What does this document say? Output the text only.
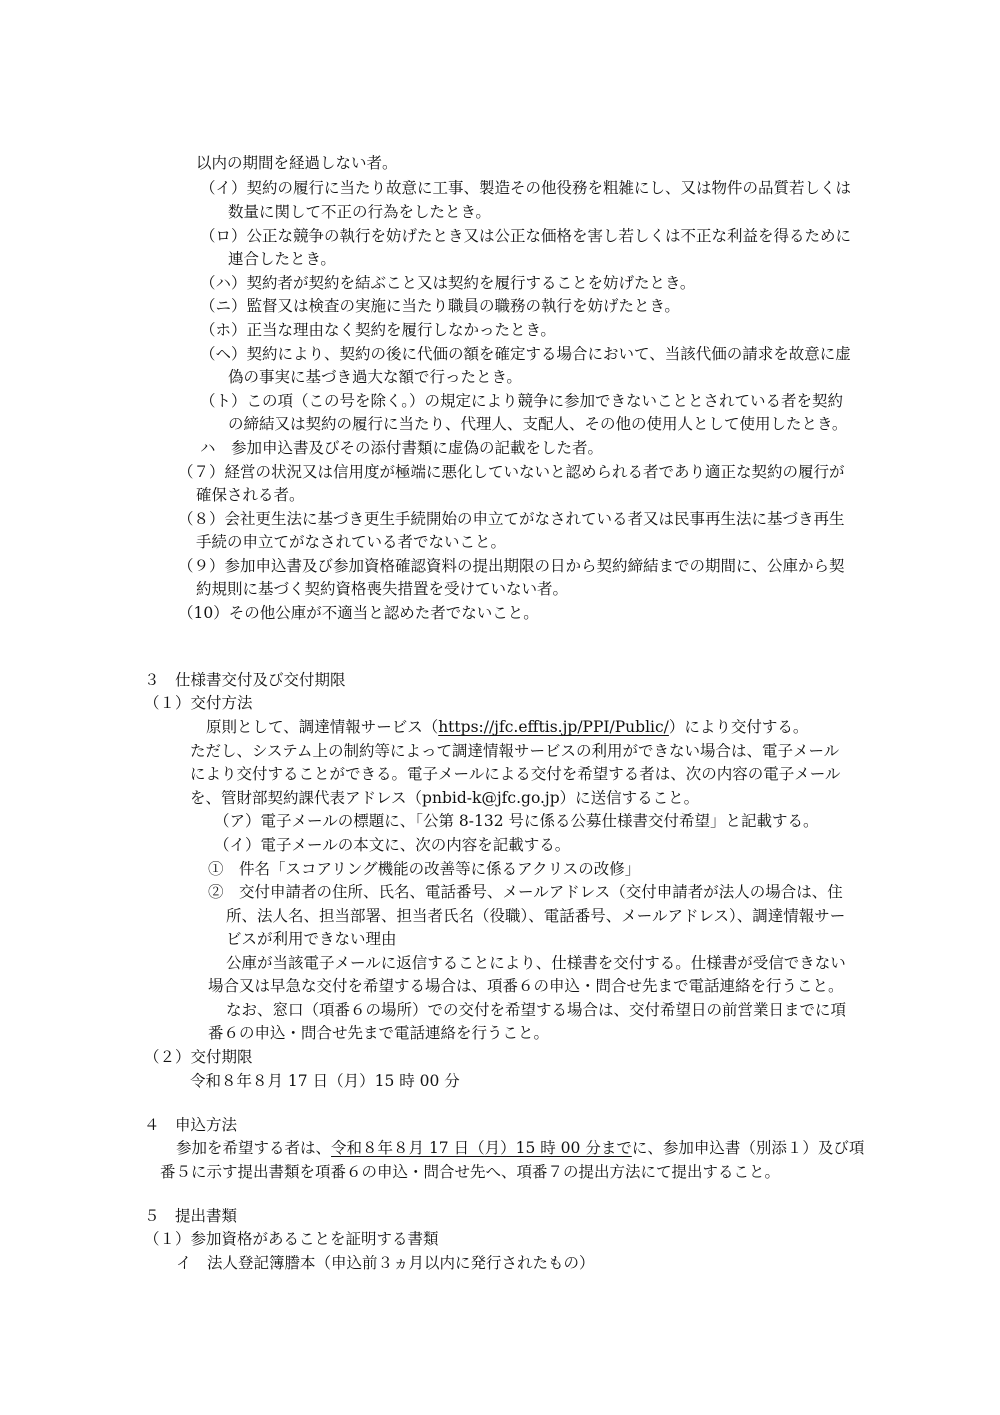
以内の期間を経過しない者。
（イ）契約の履行に当たり故意に工事、製造その他役務を粗雑にし、又は物件の品質若しくは
数量に関して不正の行為をしたとき。
（ロ）公正な競争の執行を妨げたとき又は公正な価格を害し若しくは不正な利益を得るために
連合したとき。
（ハ）契約者が契約を結ぶこと又は契約を履行することを妨げたとき。
（ニ）監督又は検査の実施に当たり職員の職務の執行を妨げたとき。
（ホ）正当な理由なく契約を履行しなかったとき。
（ヘ）契約により、契約の後に代価の額を確定する場合において、当該代価の請求を故意に虚
偽の事実に基づき過大な額で行ったとき。
（ト）この項（この号を除く。）の規定により競争に参加できないこととされている者を契約
の締結又は契約の履行に当たり、代理人、支配人、その他の使用人として使用したとき。
ハ　参加申込書及びその添付書類に虚偽の記載をした者。
（７）経営の状況又は信用度が極端に悪化していないと認められる者であり適正な契約の履行が
確保される者。
（８）会社更生法に基づき更生手続開始の申立てがなされている者又は民事再生法に基づき再生
手続の申立てがなされている者でないこと。
（９）参加申込書及び参加資格確認資料の提出期限の日から契約締結までの期間に、公庫から契
約規則に基づく契約資格喪失措置を受けていない者。
（10）その他公庫が不適当と認めた者でないこと。
３　仕様書交付及び交付期限
（１）交付方法
原則として、調達情報サービス（https://jfc.efftis.jp/PPI/Public/）により交付する。
ただし、システム上の制約等によって調達情報サービスの利用ができない場合は、電子メール
により交付することができる。電子メールによる交付を希望する者は、次の内容の電子メール
を、管財部契約課代表アドレス（pnbid-k@jfc.go.jp）に送信すること。
（ア）電子メールの標題に、「公第 8-132 号に係る公募仕様書交付希望」と記載する。
（イ）電子メールの本文に、次の内容を記載する。
①　件名「スコアリング機能の改善等に係るアクリスの改修」
②　交付申請者の住所、氏名、電話番号、メールアドレス（交付申請者が法人の場合は、住
所、法人名、担当部署、担当者氏名（役職）、電話番号、メールアドレス）、調達情報サー
ビスが利用できない理由
公庫が当該電子メールに返信することにより、仕様書を交付する。仕様書が受信できない
場合又は早急な交付を希望する場合は、項番６の申込・問合せ先まで電話連絡を行うこと。
なお、窓口（項番６の場所）での交付を希望する場合は、交付希望日の前営業日までに項
番６の申込・問合せ先まで電話連絡を行うこと。
（２）交付期限
令和８年８月 17 日（月）15 時 00 分
４　申込方法
参加を希望する者は、令和８年８月 17 日（月）15 時 00 分までに、参加申込書（別添１）及び項
番５に示す提出書類を項番６の申込・問合せ先へ、項番７の提出方法にて提出すること。
５　提出書類
（１）参加資格があることを証明する書類
イ　法人登記簿謄本（申込前３ヵ月以内に発行されたもの）
